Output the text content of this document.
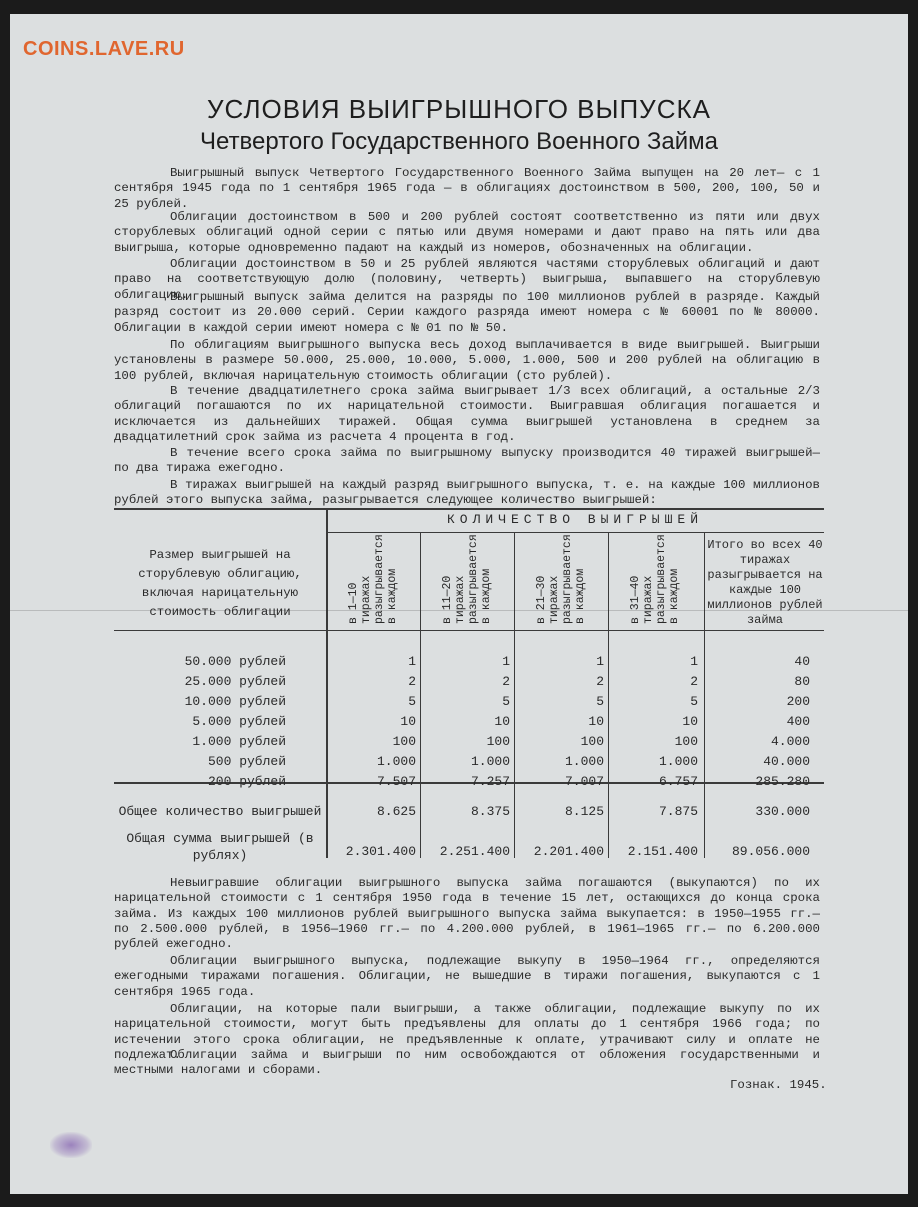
COINS.LAVE.RU
УСЛОВИЯ ВЫИГРЫШНОГО ВЫПУСКА
Четвертого Государственного Военного Займа
Выигрышный выпуск Четвертого Государственного Военного Займа выпущен на 20 лет— с 1 сентября 1945 года по 1 сентября 1965 года — в облигациях достоинством в 500, 200, 100, 50 и 25 рублей.
Облигации достоинством в 500 и 200 рублей состоят соответственно из пяти или двух сторублевых облигаций одной серии с пятью или двумя номерами и дают право на пять или два выигрыша, которые одновременно падают на каждый из номеров, обозначенных на облигации.
Облигации достоинством в 50 и 25 рублей являются частями сторублевых облигаций и дают право на соответствующую долю (половину, четверть) выигрыша, выпавшего на сторублевую облигацию.
Выигрышный выпуск займа делится на разряды по 100 миллионов рублей в разряде. Каждый разряд состоит из 20.000 серий. Серии каждого разряда имеют номера с № 60001 по № 80000. Облигации в каждой серии имеют номера с № 01 по № 50.
По облигациям выигрышного выпуска весь доход выплачивается в виде выигрышей. Выигрыши установлены в размере 50.000, 25.000, 10.000, 5.000, 1.000, 500 и 200 рублей на облигацию в 100 рублей, включая нарицательную стоимость облигации (сто рублей).
В течение двадцатилетнего срока займа выигрывает 1/3 всех облигаций, а остальные 2/3 облигаций погашаются по их нарицательной стоимости. Выигравшая облигация погашается и исключается из дальнейших тиражей. Общая сумма выигрышей установлена в среднем за двадцатилетний срок займа из расчета 4 процента в год.
В течение всего срока займа по выигрышному выпуску производится 40 тиражей выигрышей— по два тиража ежегодно.
В тиражах выигрышей на каждый разряд выигрышного выпуска, т. е. на каждые 100 миллионов рублей этого выпуска займа, разыгрывается следующее количество выигрышей:
Размер выигрышей на сторублевую облигацию, включая нарицательную стоимость облигации
КОЛИЧЕСТВО ВЫИГРЫШЕЙ
в 1—10 тиражах разыгрывается в каждом	в 11—20 тиражах разыгрывается в каждом	в 21—30 тиражах разыгрывается в каждом	в 31—40 тиражах разыгрывается в каждом
Итого во всех 40 тиражах разыгрывается на каждые 100 миллионов рублей займа
50.000 рублей	1	1	1	1	40
25.000 рублей	2	2	2	2	80
10.000 рублей	5	5	5	5	200
5.000 рублей	10	10	10	10	400
1.000 рублей	100	100	100	100	4.000
500 рублей	1.000	1.000	1.000	1.000	40.000
200 рублей	7.507	7.257	7.007	6.757	285.280
Общее количество выигрышей	8.625	8.375	8.125	7.875	330.000
Общая сумма выигрышей (в рублях)	2.301.400 2.251.400 2.201.400 2.151.400	89.056.000
Невыигравшие облигации выигрышного выпуска займа погашаются (выкупаются) по их нарицательной стоимости с 1 сентября 1950 года в течение 15 лет, остающихся до конца срока займа. Из каждых 100 миллионов рублей выигрышного выпуска займа выкупается: в 1950—1955 гг.— по 2.500.000 рублей, в 1956—1960 гг.— по 4.200.000 рублей, в 1961—1965 гг.— по 6.200.000 рублей ежегодно.
Облигации выигрышного выпуска, подлежащие выкупу в 1950—1964 гг., определяются ежегодными тиражами погашения. Облигации, не вышедшие в тиражи погашения, выкупаются с 1 сентября 1965 года.
Облигации, на которые пали выигрыши, а также облигации, подлежащие выкупу по их нарицательной стоимости, могут быть предъявлены для оплаты до 1 сентября 1966 года; по истечении этого срока облигации, не предъявленные к оплате, утрачивают силу и оплате не подлежат.
Облигации займа и выигрыши по ним освобождаются от обложения государственными и местными налогами и сборами.
Гознак. 1945.
